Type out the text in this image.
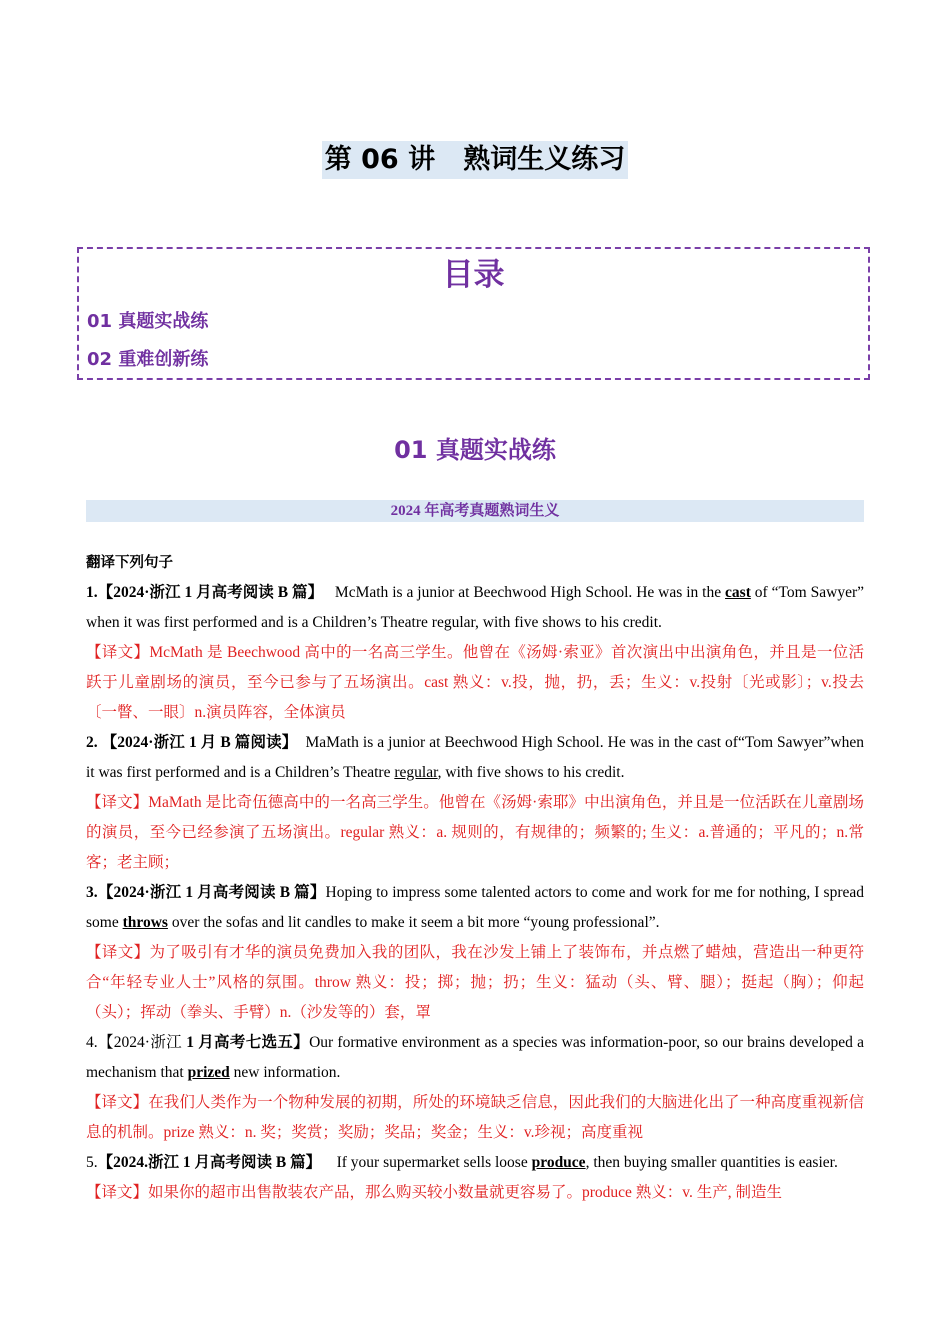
第 06 讲   熟词生义练习
目录
01 真题实战练
02 重难创新练
01 真题实战练
2024 年高考真题熟词生义

翻译下列句子

1.【2024·浙江 1 月高考阅读 B 篇】 McMath is a junior at Beechwood High School. He was in the cast of “Tom Sawyer” when it was first performed and is a Children’s Theatre regular, with five shows to his credit.

【译文】McMath 是 Beechwood 高中的一名高三学生。他曾在《汤姆·索亚》首次演出中出演角色，并且是一位活跃于儿童剧场的演员，至今已参与了五场演出。cast 熟义：v.投，抛，扔，丢；生义：v.投射〔光或影〕；v.投去〔一瞥、一眼〕n.演员阵容，全体演员

2. 【2024·浙江 1 月 B 篇阅读】 MaMath is a junior at Beechwood High School. He was in the cast of“Tom Sawyer”when it was first performed and is a Children’s Theatre regular, with five shows to his credit.

【译文】MaMath 是比奇伍德高中的一名高三学生。他曾在《汤姆·索耶》中出演角色，并且是一位活跃在儿童剧场的演员，至今已经参演了五场演出。regular 熟义：a. 规则的，有规律的；频繁的; 生义：a.普通的；平凡的；n.常客；老主顾；

3.【2024·浙江 1 月高考阅读 B 篇】Hoping to impress some talented actors to come and work for me for nothing, I spread some throws over the sofas and lit candles to make it seem a bit more “young professional”.

【译文】为了吸引有才华的演员免费加入我的团队，我在沙发上铺上了装饰布，并点燃了蜡烛，营造出一种更符合“年轻专业人士”风格的氛围。throw 熟义：投；掷；抛；扔；生义：猛动（头、臂、腿）；挺起（胸）；仰起（头）；挥动（拳头、手臂）n.（沙发等的）套，罩

4.【2024·浙江 1 月高考七选五】Our formative environment as a species was information-poor, so our brains developed a mechanism that prized new information.

【译文】在我们人类作为一个物种发展的初期，所处的环境缺乏信息，因此我们的大脑进化出了一种高度重视新信息的机制。prize 熟义：n. 奖；奖赏；奖励；奖品；奖金；生义：v.珍视；高度重视

5.【2024.浙江 1 月高考阅读 B 篇】 If your supermarket sells loose produce, then buying smaller quantities is easier.

【译文】如果你的超市出售散装农产品，那么购买较小数量就更容易了。produce 熟义：v. 生产, 制造生
